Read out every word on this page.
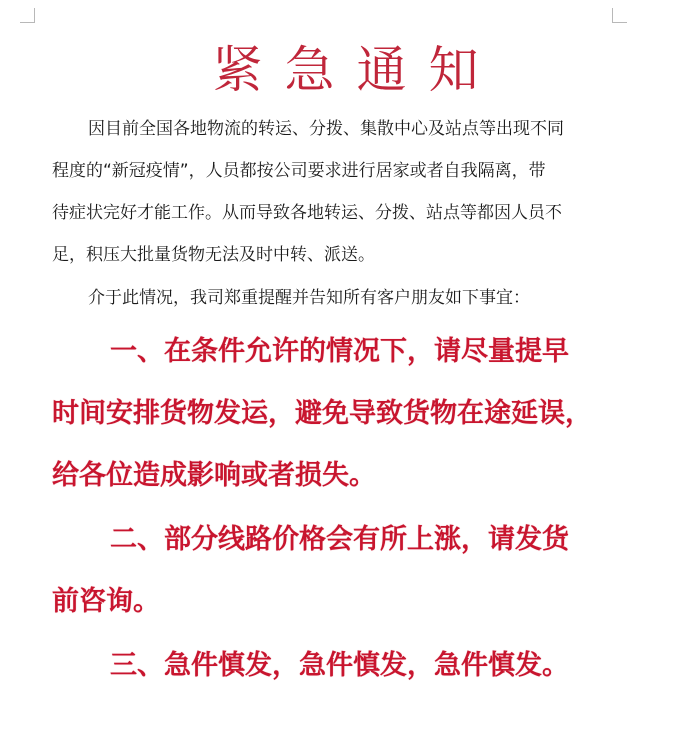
紧急通知
因目前全国各地物流的转运、分拨、集散中心及站点等出现不同
程度的“新冠疫情”，人员都按公司要求进行居家或者自我隔离，带
待症状完好才能工作。从而导致各地转运、分拨、站点等都因人员不
足，积压大批量货物无法及时中转、派送。
介于此情况，我司郑重提醒并告知所有客户朋友如下事宜：
一、在条件允许的情况下，请尽量提早
时间安排货物发运，避免导致货物在途延误，
给各位造成影响或者损失。
二、部分线路价格会有所上涨，请发货
前咨询。
三、急件慎发，急件慎发，急件慎发。
